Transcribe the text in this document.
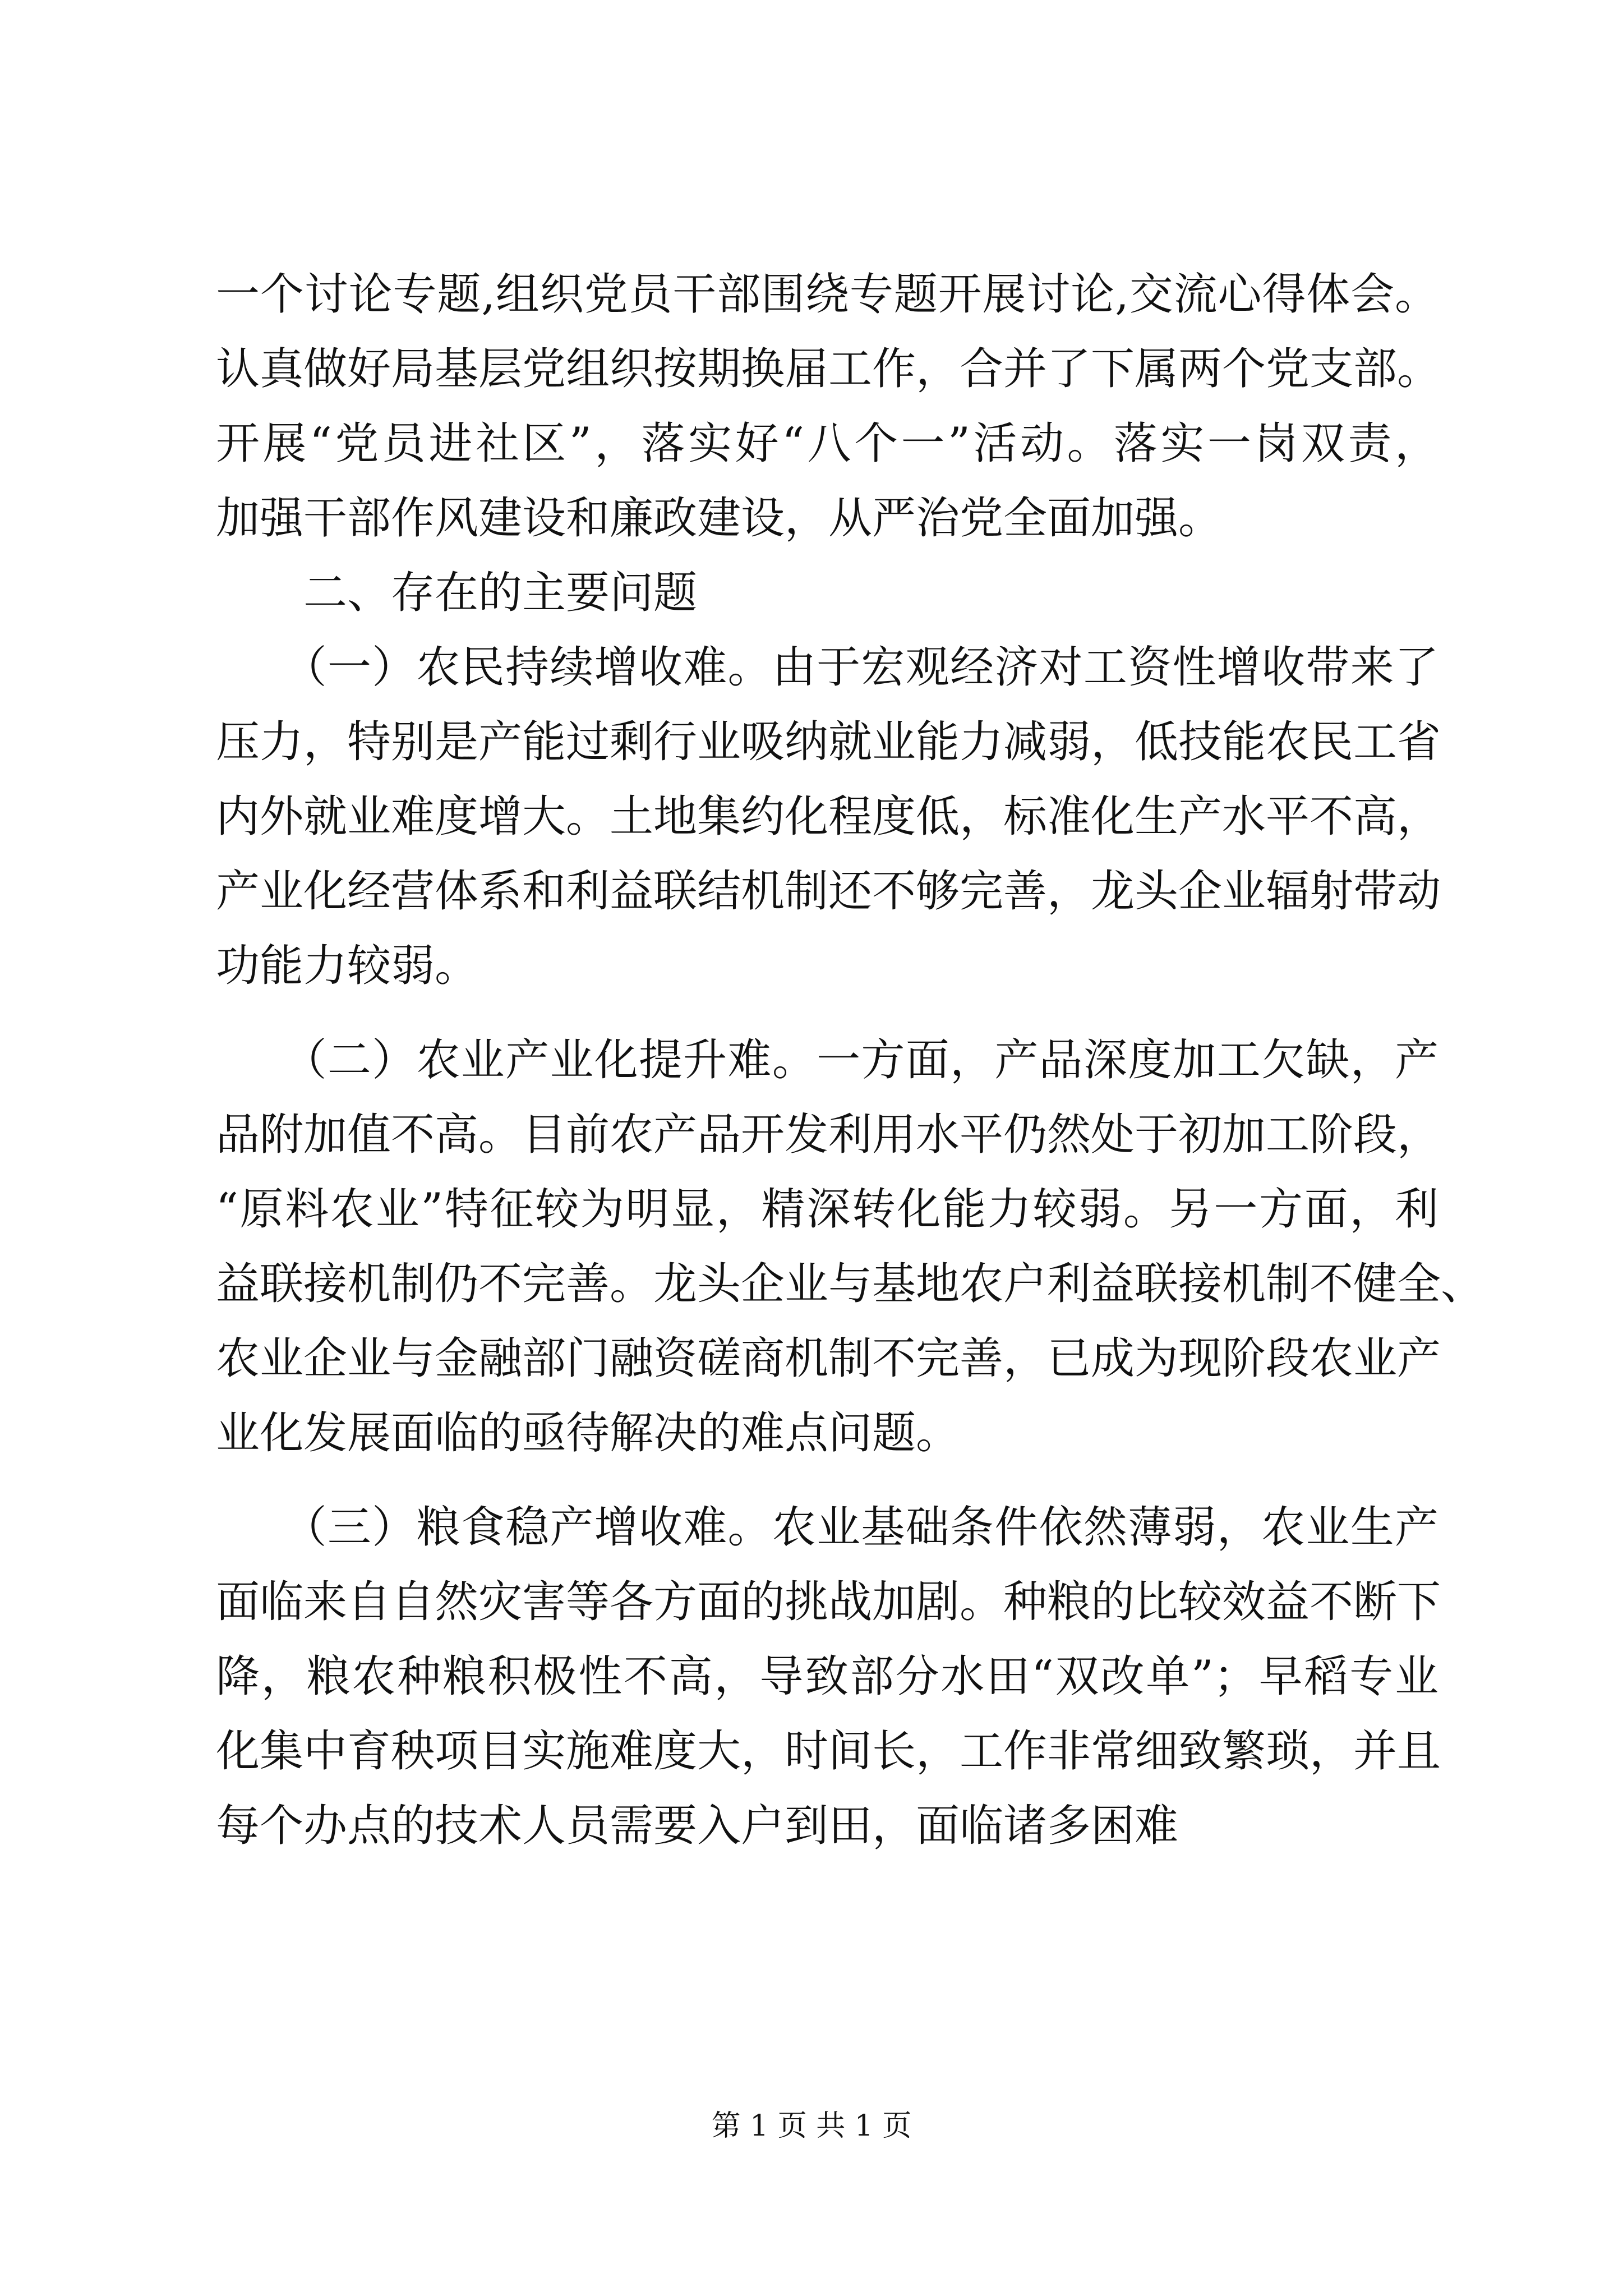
一个讨论专题,组织党员干部围绕专题开展讨论,交流心得体会。
认真做好局基层党组织按期换届工作，合并了下属两个党支部。
开展“党员进社区”，落实好“八个一”活动。落实一岗双责，
加强干部作风建设和廉政建设，从严治党全面加强。
　　二、存在的主要问题
　　（一）农民持续增收难。由于宏观经济对工资性增收带来了
压力，特别是产能过剩行业吸纳就业能力减弱，低技能农民工省
内外就业难度增大。土地集约化程度低，标准化生产水平不高，
产业化经营体系和利益联结机制还不够完善，龙头企业辐射带动
功能力较弱。
　　（二）农业产业化提升难。一方面，产品深度加工欠缺，产
品附加值不高。目前农产品开发利用水平仍然处于初加工阶段，
“原料农业”特征较为明显，精深转化能力较弱。另一方面，利
益联接机制仍不完善。龙头企业与基地农户利益联接机制不健全、
农业企业与金融部门融资磋商机制不完善，已成为现阶段农业产
业化发展面临的亟待解决的难点问题。
　　（三）粮食稳产增收难。农业基础条件依然薄弱，农业生产
面临来自自然灾害等各方面的挑战加剧。种粮的比较效益不断下
降，粮农种粮积极性不高，导致部分水田“双改单”；早稻专业
化集中育秧项目实施难度大，时间长，工作非常细致繁琐，并且
每个办点的技术人员需要入户到田，面临诸多困难
第 1 页 共 1 页
